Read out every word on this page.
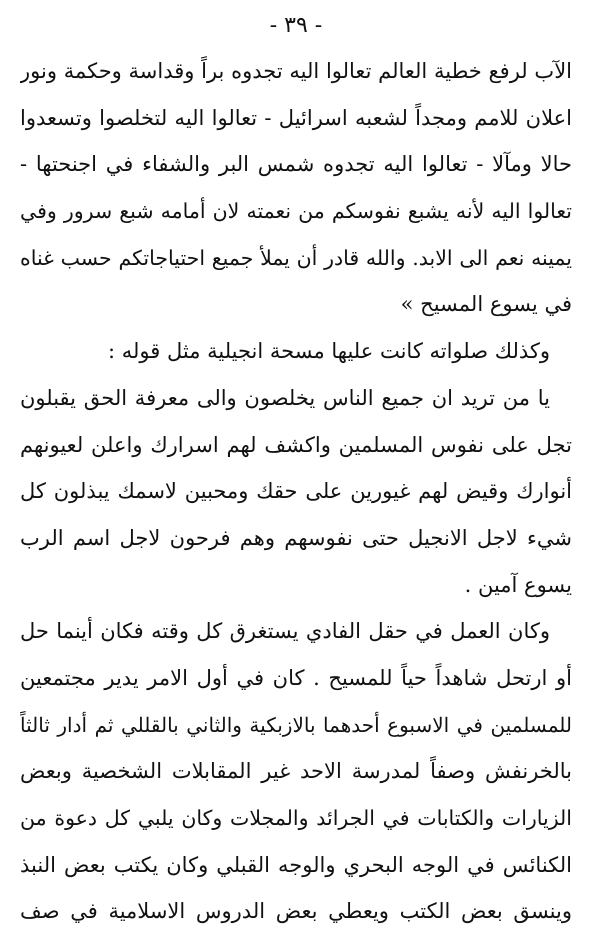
- ٣٩ -
الآب لرفع خطية العالم تعالوا اليه تجدوه براً وقداسة وحكمة ونور
اعلان للامم ومجداً لشعبه اسرائيل - تعالوا اليه لتخلصوا وتسعدوا
حالا ومآلا - تعالوا اليه تجدوه شمس البر والشفاء في اجنحتها -
تعالوا اليه لأنه يشبع نفوسكم من نعمته لان أمامه شبع سرور وفي
يمينه نعم الى الابد. والله قادر أن يملأ جميع احتياجاتكم حسب غناه
في يسوع المسيح »
وكذلك صلواته كانت عليها مسحة انجيلية مثل قوله :
يا من تريد ان جميع الناس يخلصون والى معرفة الحق يقبلون
تجل على نفوس المسلمين واكشف لهم اسرارك واعلن لعيونهم
أنوارك وقيض لهم غيورين على حقك ومحبين لاسمك يبذلون كل
شيء لاجل الانجيل حتى نفوسهم وهم فرحون لاجل اسم الرب
يسوع آمين .
وكان العمل في حقل الفادي يستغرق كل وقته فكان أينما حل
أو ارتحل شاهداً حياً للمسيح . كان في أول الامر يدير مجتمعين
للمسلمين في الاسبوع أحدهما بالازبكية والثاني بالقللي ثم أدار ثالثاً
بالخرنفش وصفاً لمدرسة الاحد غير المقابلات الشخصية وبعض
الزيارات والكتابات في الجرائد والمجلات وكان يلبي كل دعوة من
الكنائس في الوجه البحري والوجه القبلي وكان يكتب بعض النبذ
وينسق بعض الكتب ويعطي بعض الدروس الاسلامية في صف
